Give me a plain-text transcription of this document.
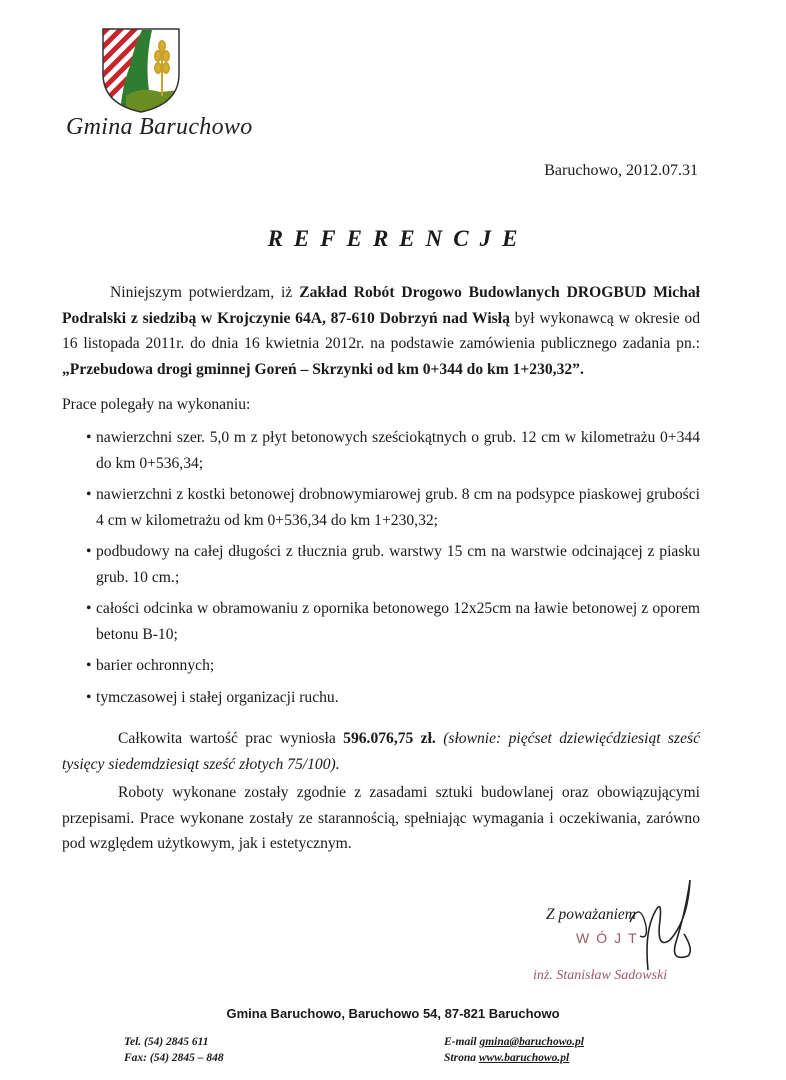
Gmina Baruchowo
Baruchowo, 2012.07.31
REFERENCJE
Niniejszym potwierdzam, iż Zakład Robót Drogowo Budowlanych DROGBUD Michał Podralski z siedzibą w Krojczynie 64A, 87-610 Dobrzyń nad Wisłą był wykonawcą w okresie od 16 listopada 2011r. do dnia 16 kwietnia 2012r. na podstawie zamówienia publicznego zadania pn.: „Przebudowa drogi gminnej Goreń – Skrzynki od km 0+344 do km 1+230,32”.
Prace polegały na wykonaniu:
• nawierzchni szer. 5,0 m z płyt betonowych sześciokątnych o grub. 12 cm w kilometrażu 0+344 do km 0+536,34;
• nawierzchni z kostki betonowej drobnowymiarowej grub. 8 cm na podsypce piaskowej grubości 4 cm w kilometrażu od km 0+536,34 do km 1+230,32;
• podbudowy na całej długości z tłucznia grub. warstwy 15 cm na warstwie odcinającej z piasku grub. 10 cm.;
• całości odcinka w obramowaniu z opornika betonowego 12x25cm na ławie betonowej z oporem betonu B-10;
• barier ochronnych;
• tymczasowej i stałej organizacji ruchu.
Całkowita wartość prac wyniosła 596.076,75 zł. (słownie: pięćset dziewięćdziesiąt sześć tysięcy siedemdziesiąt sześć złotych 75/100).
Roboty wykonane zostały zgodnie z zasadami sztuki budowlanej oraz obowiązującymi przepisami. Prace wykonane zostały ze starannością, spełniając wymagania i oczekiwania, zarówno pod względem użytkowym, jak i estetycznym.
Z poważaniem
WÓJT
inż. Stanisław Sadowski
Gmina Baruchowo, Baruchowo 54, 87-821 Baruchowo
Tel. (54) 2845 611
Fax: (54) 2845 – 848
E-mail gmina@baruchowo.pl
Strona www.baruchowo.pl
